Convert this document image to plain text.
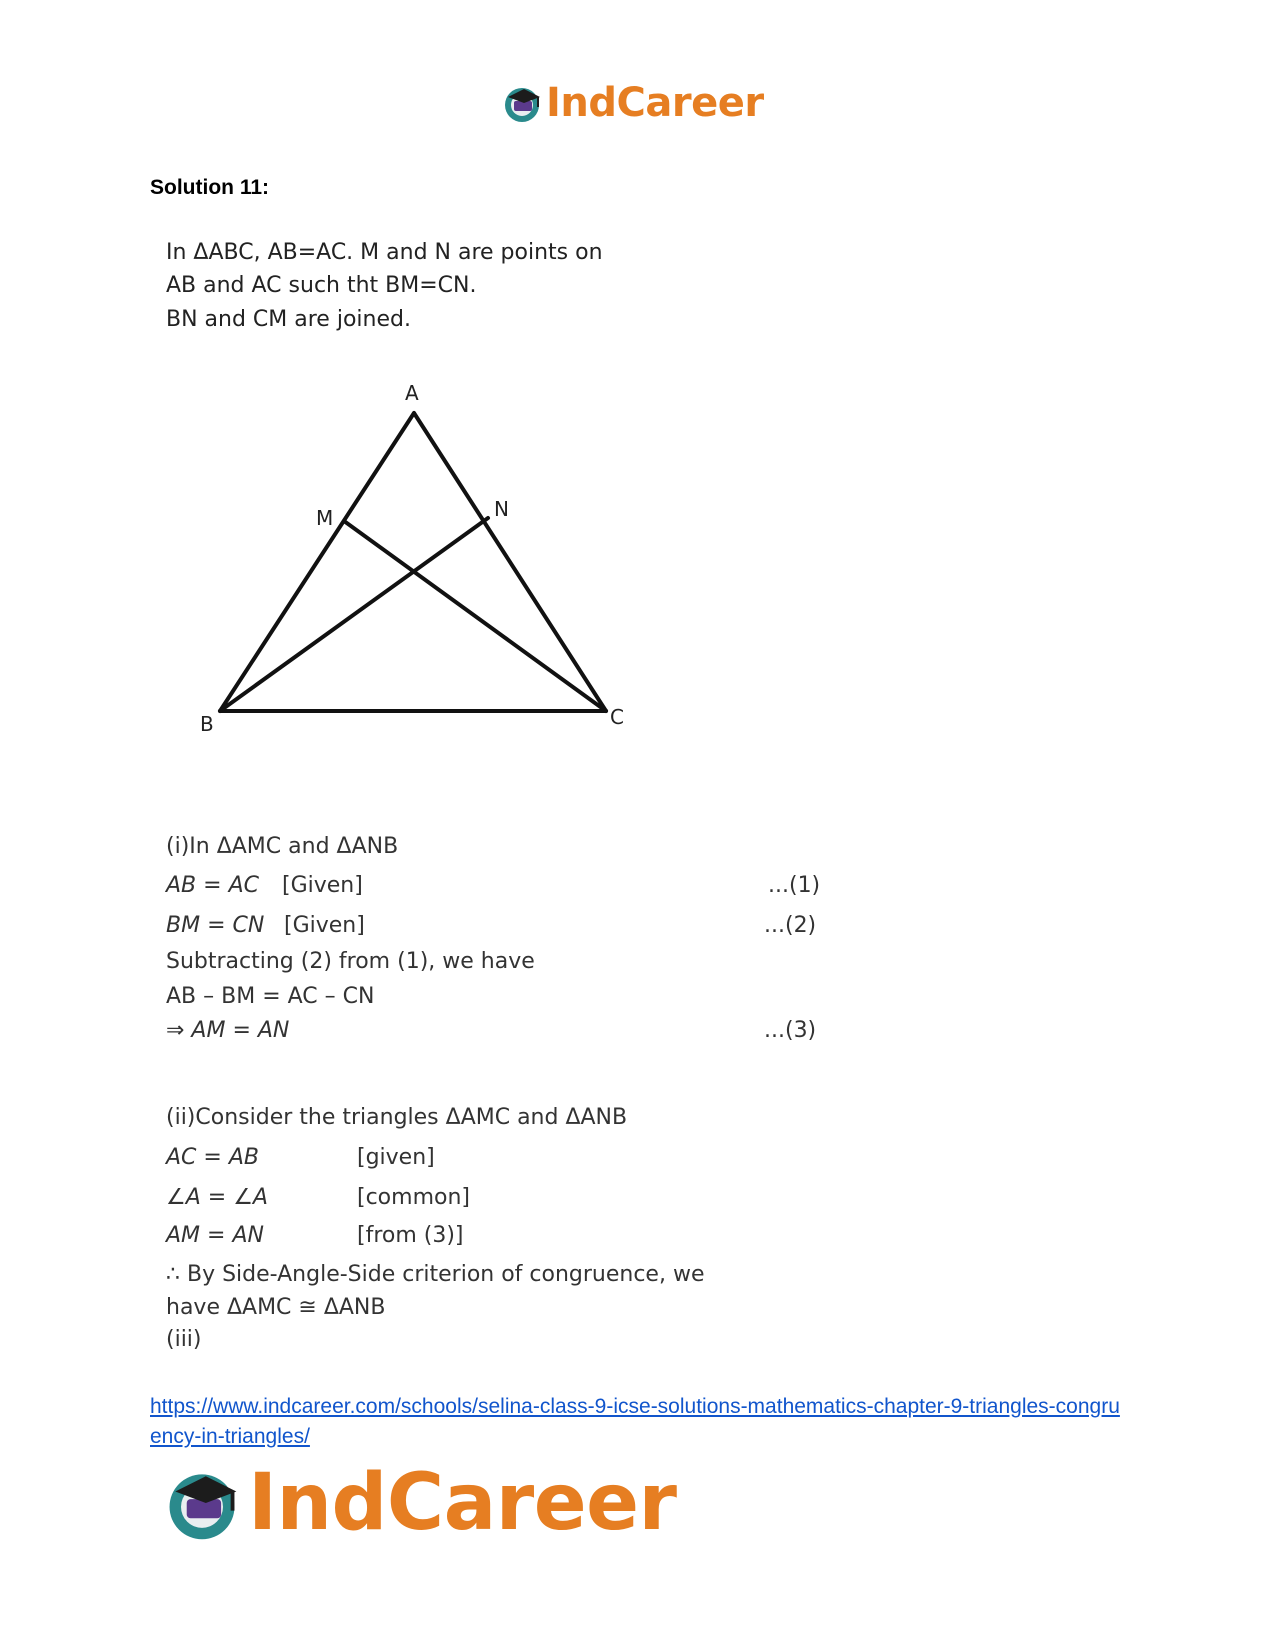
IndCareer
Solution 11:
In ΔABC, AB=AC. M and N are points on
AB and AC such tht BM=CN.
BN and CM are joined.
A
B	C
M	N
(i)In ΔAMC and ΔANB
AB = AC [Given]	...(1)
BM = CN [Given]	...(2)
Subtracting (2) from (1), we have
AB – BM = AC – CN
⇒ AM = AN	...(3)
(ii)Consider the triangles ΔAMC and ΔANB
AC = AB	[given]
∠A = ∠A	[common]
AM = AN	[from (3)]
∴ By Side-Angle-Side criterion of congruence, we
have ΔAMC ≅ ΔANB
(iii)
https://www.indcareer.com/schools/selina-class-9-icse-solutions-mathematics-chapter-9-triangles-congruency-in-triangles/
IndCareer
